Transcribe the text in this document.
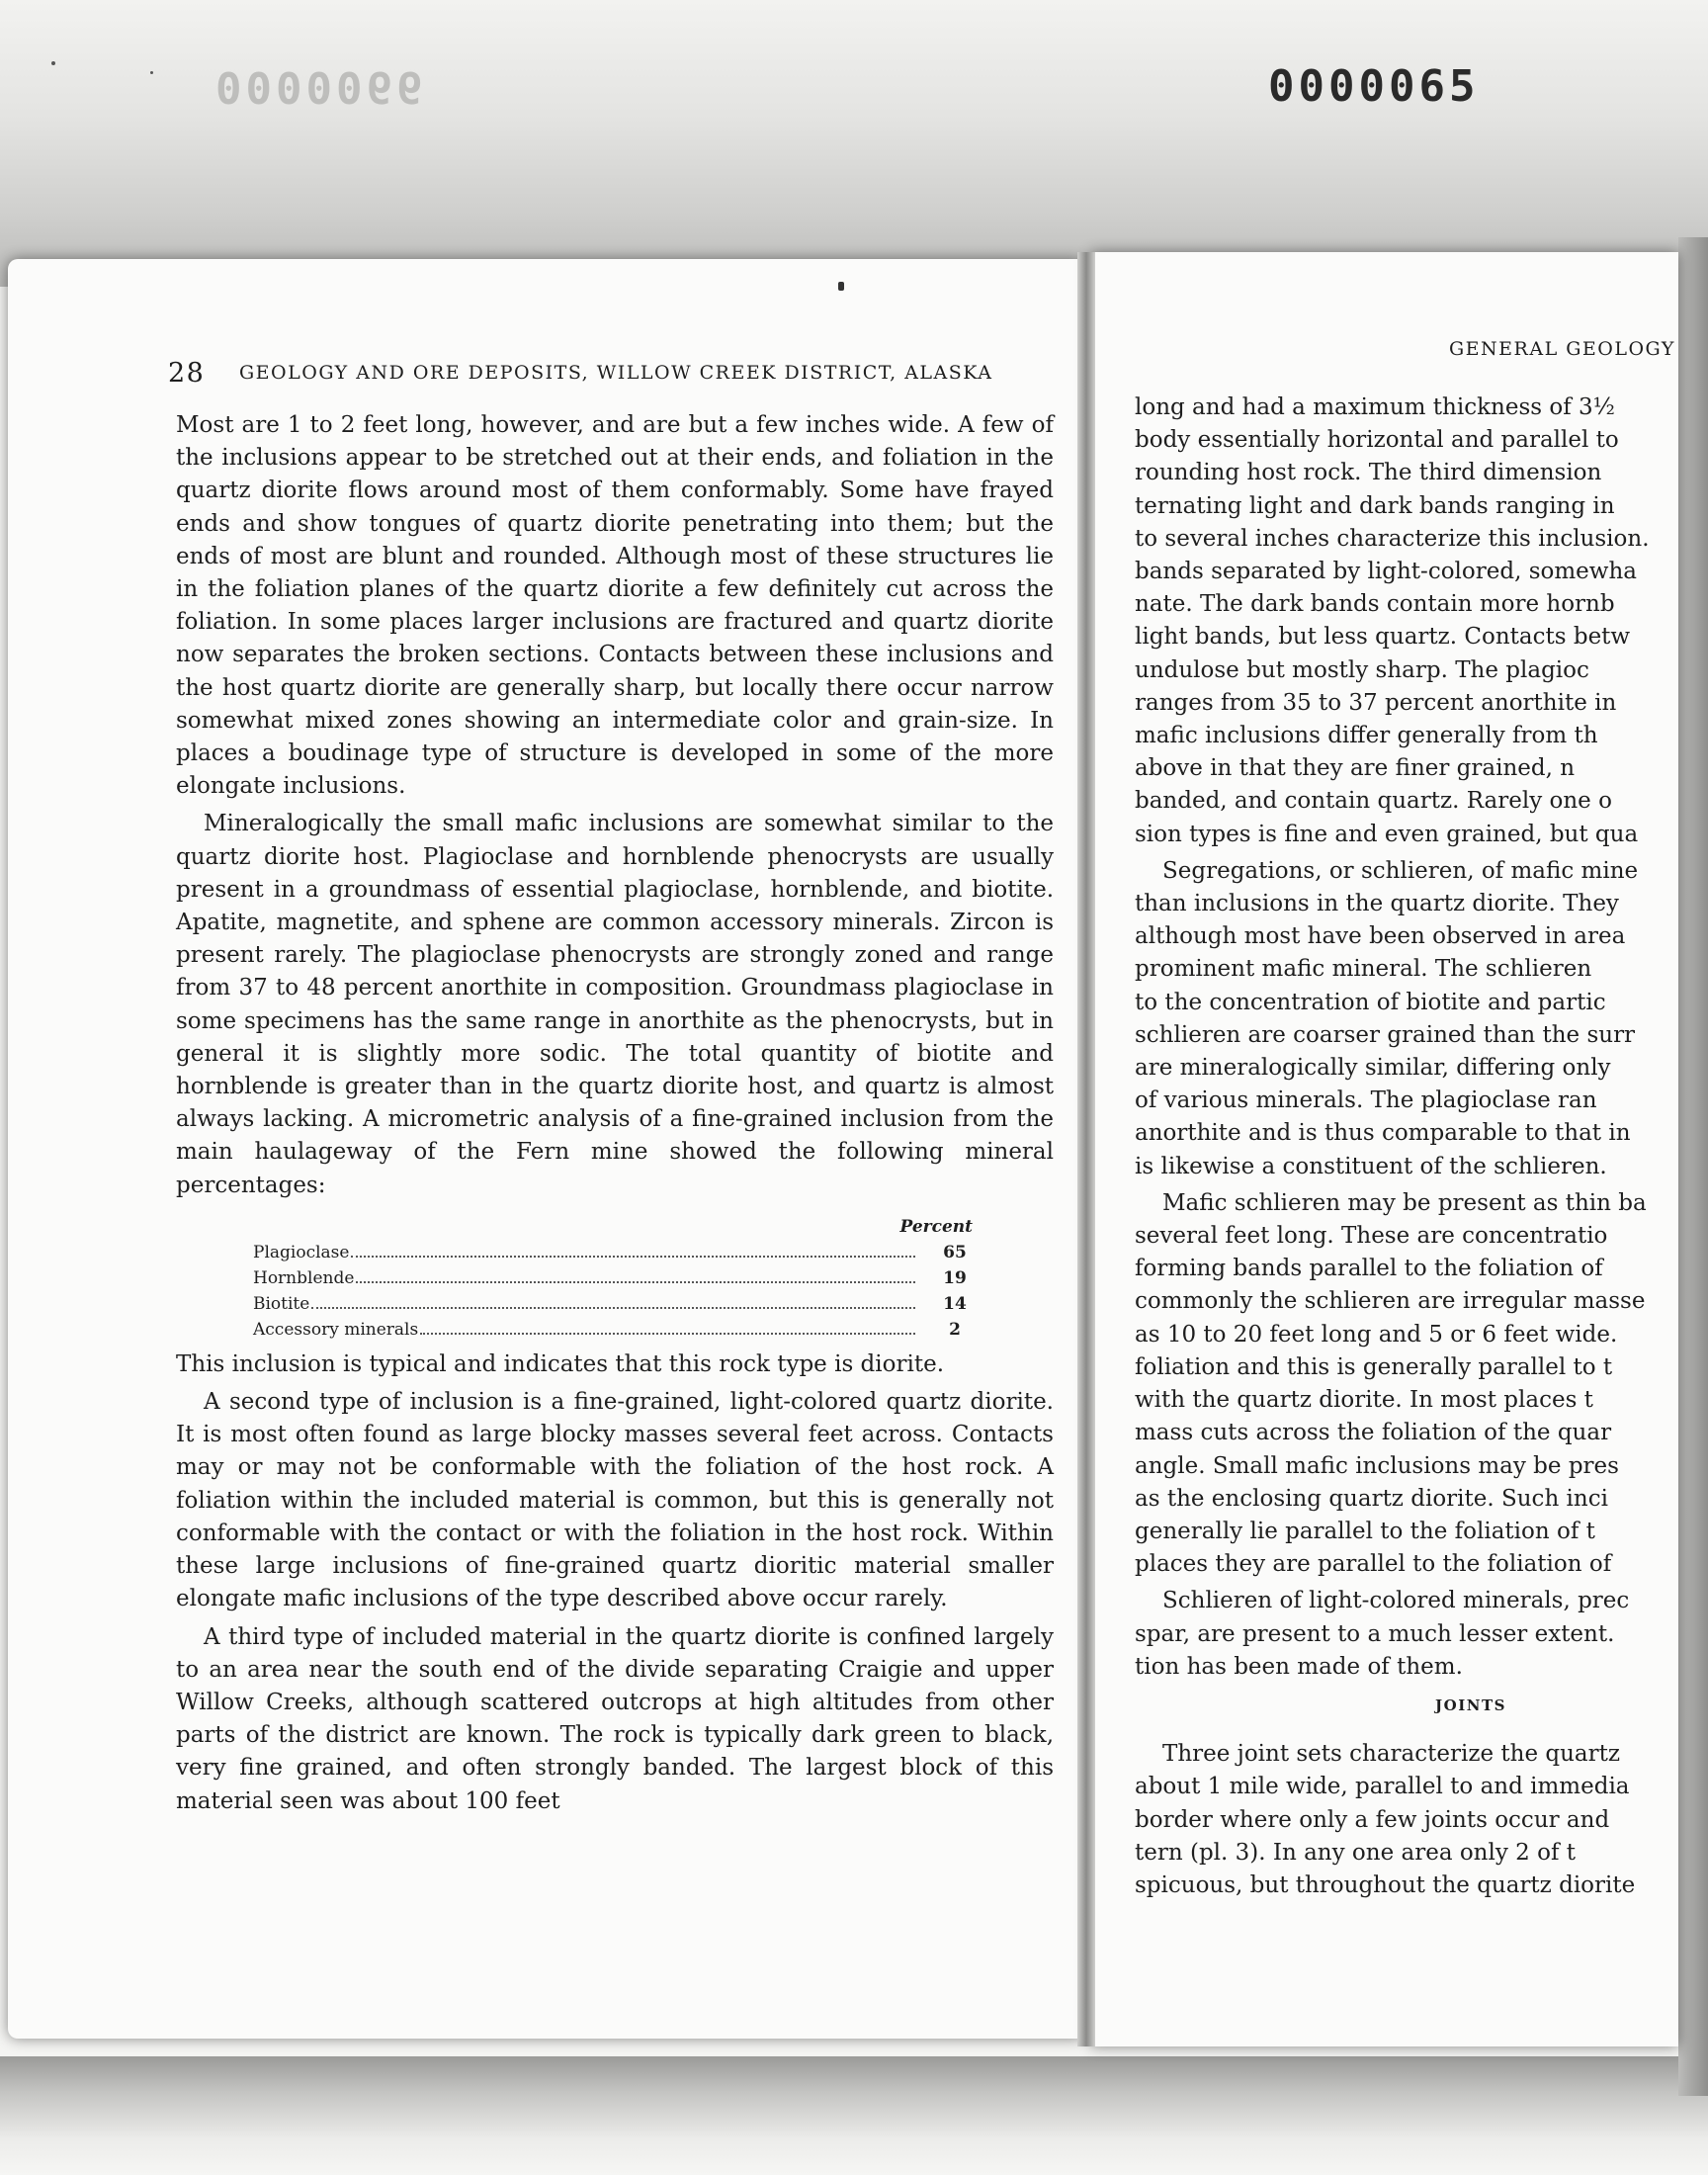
0000066	0000065
28 GEOLOGY AND ORE DEPOSITS, WILLOW CREEK DISTRICT, ALASKA

Most are 1 to 2 feet long, however, and are but a few inches wide. A few of the inclusions appear to be stretched out at their ends, and foliation in the quartz diorite flows around most of them conformably. Some have frayed ends and show tongues of quartz diorite penetrating into them; but the ends of most are blunt and rounded. Although most of these structures lie in the foliation planes of the quartz diorite a few definitely cut across the foliation. In some places larger inclusions are fractured and quartz diorite now separates the broken sections. Contacts between these inclusions and the host quartz diorite are generally sharp, but locally there occur narrow somewhat mixed zones showing an intermediate color and grain-size. In places a boudinage type of structure is developed in some of the more elongate inclusions.

Mineralogically the small mafic inclusions are somewhat similar to the quartz diorite host. Plagioclase and hornblende phenocrysts are usually present in a groundmass of essential plagioclase, hornblende, and biotite. Apatite, magnetite, and sphene are common accessory minerals. Zircon is present rarely. The plagioclase phenocrysts are strongly zoned and range from 37 to 48 percent anorthite in composition. Groundmass plagioclase in some specimens has the same range in anorthite as the phenocrysts, but in general it is slightly more sodic. The total quantity of biotite and hornblende is greater than in the quartz diorite host, and quartz is almost always lacking. A micrometric analysis of a fine-grained inclusion from the main haulageway of the Fern mine showed the following mineral percentages:

Percent
Plagioclase	65
Hornblende	19
Biotite	14
Accessory minerals	2

This inclusion is typical and indicates that this rock type is diorite.

A second type of inclusion is a fine-grained, light-colored quartz diorite. It is most often found as large blocky masses several feet across. Contacts may or may not be conformable with the foliation of the host rock. A foliation within the included material is common, but this is generally not conformable with the contact or with the foliation in the host rock. Within these large inclusions of fine-grained quartz dioritic material smaller elongate mafic inclusions of the type described above occur rarely.

A third type of included material in the quartz diorite is confined largely to an area near the south end of the divide separating Craigie and upper Willow Creeks, although scattered outcrops at high altitudes from other parts of the district are known. The rock is typically dark green to black, very fine grained, and often strongly banded. The largest block of this material seen was about 100 feet

GENERAL GEOLOGY
long and had a maximum thickness of 3½
body essentially horizontal and parallel to
rounding host rock. The third dimension
ternating light and dark bands ranging in
to several inches characterize this inclusion.
bands separated by light-colored, somewha
nate. The dark bands contain more hornb
light bands, but less quartz. Contacts betw
undulose but mostly sharp. The plagioc
ranges from 35 to 37 percent anorthite in
mafic inclusions differ generally from th
above in that they are finer grained, n
banded, and contain quartz. Rarely one o
sion types is fine and even grained, but qua
Segregations, or schlieren, of mafic mine
than inclusions in the quartz diorite. They
although most have been observed in area
prominent mafic mineral. The schlieren
to the concentration of biotite and partic
schlieren are coarser grained than the surr
are mineralogically similar, differing only
of various minerals. The plagioclase ran
anorthite and is thus comparable to that in
is likewise a constituent of the schlieren.
Mafic schlieren may be present as thin ba
several feet long. These are concentratio
forming bands parallel to the foliation of
commonly the schlieren are irregular masse
as 10 to 20 feet long and 5 or 6 feet wide.
foliation and this is generally parallel to t
with the quartz diorite. In most places t
mass cuts across the foliation of the quar
angle. Small mafic inclusions may be pres
as the enclosing quartz diorite. Such inci
generally lie parallel to the foliation of t
places they are parallel to the foliation of
Schlieren of light-colored minerals, prec
spar, are present to a much lesser extent.
tion has been made of them.
JOINTS
Three joint sets characterize the quartz
about 1 mile wide, parallel to and immedia
border where only a few joints occur and
tern (pl. 3). In any one area only 2 of t
spicuous, but throughout the quartz diorite
